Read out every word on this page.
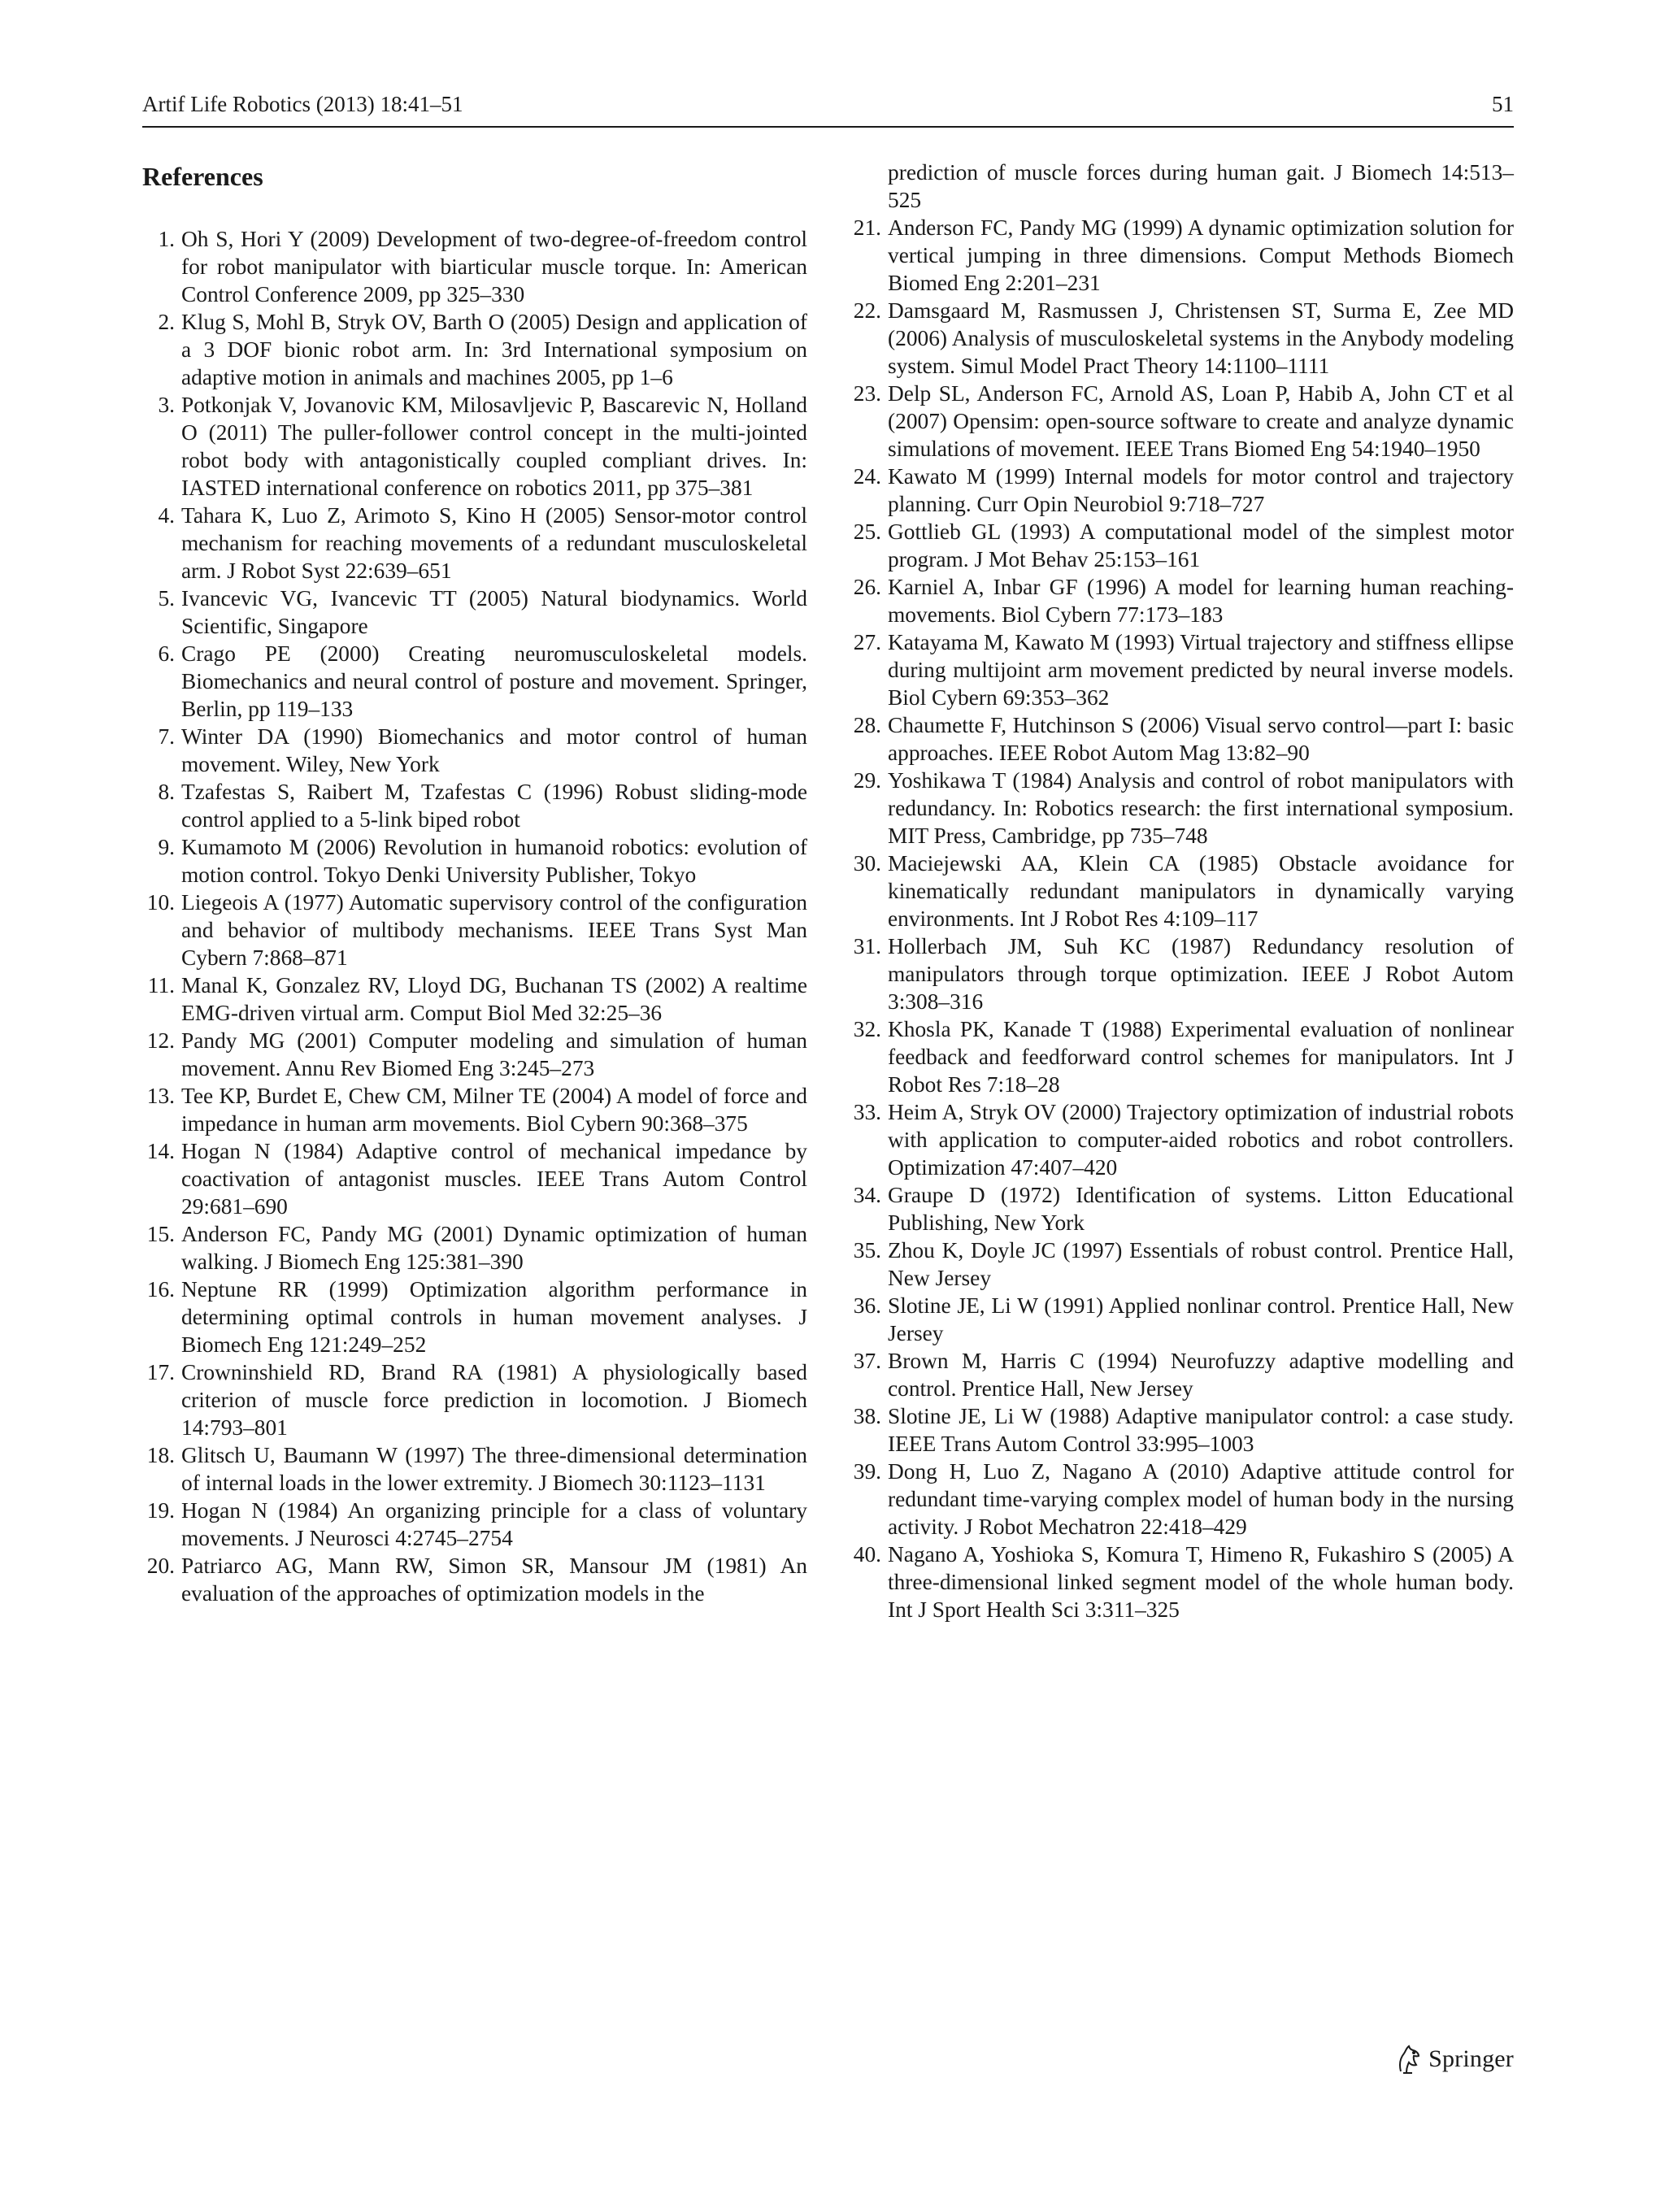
Artif Life Robotics (2013) 18:41–51	51
References
1. Oh S, Hori Y (2009) Development of two-degree-of-freedom control for robot manipulator with biarticular muscle torque. In: American Control Conference 2009, pp 325–330
2. Klug S, Mohl B, Stryk OV, Barth O (2005) Design and application of a 3 DOF bionic robot arm. In: 3rd International symposium on adaptive motion in animals and machines 2005, pp 1–6
3. Potkonjak V, Jovanovic KM, Milosavljevic P, Bascarevic N, Holland O (2011) The puller-follower control concept in the multi-jointed robot body with antagonistically coupled compliant drives. In: IASTED international conference on robotics 2011, pp 375–381
4. Tahara K, Luo Z, Arimoto S, Kino H (2005) Sensor-motor control mechanism for reaching movements of a redundant musculoskeletal arm. J Robot Syst 22:639–651
5. Ivancevic VG, Ivancevic TT (2005) Natural biodynamics. World Scientific, Singapore
6. Crago PE (2000) Creating neuromusculoskeletal models. Biomechanics and neural control of posture and movement. Springer, Berlin, pp 119–133
7. Winter DA (1990) Biomechanics and motor control of human movement. Wiley, New York
8. Tzafestas S, Raibert M, Tzafestas C (1996) Robust sliding-mode control applied to a 5-link biped robot
9. Kumamoto M (2006) Revolution in humanoid robotics: evolution of motion control. Tokyo Denki University Publisher, Tokyo
10. Liegeois A (1977) Automatic supervisory control of the configuration and behavior of multibody mechanisms. IEEE Trans Syst Man Cybern 7:868–871
11. Manal K, Gonzalez RV, Lloyd DG, Buchanan TS (2002) A realtime EMG-driven virtual arm. Comput Biol Med 32:25–36
12. Pandy MG (2001) Computer modeling and simulation of human movement. Annu Rev Biomed Eng 3:245–273
13. Tee KP, Burdet E, Chew CM, Milner TE (2004) A model of force and impedance in human arm movements. Biol Cybern 90:368–375
14. Hogan N (1984) Adaptive control of mechanical impedance by coactivation of antagonist muscles. IEEE Trans Autom Control 29:681–690
15. Anderson FC, Pandy MG (2001) Dynamic optimization of human walking. J Biomech Eng 125:381–390
16. Neptune RR (1999) Optimization algorithm performance in determining optimal controls in human movement analyses. J Biomech Eng 121:249–252
17. Crowninshield RD, Brand RA (1981) A physiologically based criterion of muscle force prediction in locomotion. J Biomech 14:793–801
18. Glitsch U, Baumann W (1997) The three-dimensional determination of internal loads in the lower extremity. J Biomech 30:1123–1131
19. Hogan N (1984) An organizing principle for a class of voluntary movements. J Neurosci 4:2745–2754
20. Patriarco AG, Mann RW, Simon SR, Mansour JM (1981) An evaluation of the approaches of optimization models in the
prediction of muscle forces during human gait. J Biomech 14:513–525
21. Anderson FC, Pandy MG (1999) A dynamic optimization solution for vertical jumping in three dimensions. Comput Methods Biomech Biomed Eng 2:201–231
22. Damsgaard M, Rasmussen J, Christensen ST, Surma E, Zee MD (2006) Analysis of musculoskeletal systems in the Anybody modeling system. Simul Model Pract Theory 14:1100–1111
23. Delp SL, Anderson FC, Arnold AS, Loan P, Habib A, John CT et al (2007) Opensim: open-source software to create and analyze dynamic simulations of movement. IEEE Trans Biomed Eng 54:1940–1950
24. Kawato M (1999) Internal models for motor control and trajectory planning. Curr Opin Neurobiol 9:718–727
25. Gottlieb GL (1993) A computational model of the simplest motor program. J Mot Behav 25:153–161
26. Karniel A, Inbar GF (1996) A model for learning human reaching-movements. Biol Cybern 77:173–183
27. Katayama M, Kawato M (1993) Virtual trajectory and stiffness ellipse during multijoint arm movement predicted by neural inverse models. Biol Cybern 69:353–362
28. Chaumette F, Hutchinson S (2006) Visual servo control—part I: basic approaches. IEEE Robot Autom Mag 13:82–90
29. Yoshikawa T (1984) Analysis and control of robot manipulators with redundancy. In: Robotics research: the first international symposium. MIT Press, Cambridge, pp 735–748
30. Maciejewski AA, Klein CA (1985) Obstacle avoidance for kinematically redundant manipulators in dynamically varying environments. Int J Robot Res 4:109–117
31. Hollerbach JM, Suh KC (1987) Redundancy resolution of manipulators through torque optimization. IEEE J Robot Autom 3:308–316
32. Khosla PK, Kanade T (1988) Experimental evaluation of nonlinear feedback and feedforward control schemes for manipulators. Int J Robot Res 7:18–28
33. Heim A, Stryk OV (2000) Trajectory optimization of industrial robots with application to computer-aided robotics and robot controllers. Optimization 47:407–420
34. Graupe D (1972) Identification of systems. Litton Educational Publishing, New York
35. Zhou K, Doyle JC (1997) Essentials of robust control. Prentice Hall, New Jersey
36. Slotine JE, Li W (1991) Applied nonlinar control. Prentice Hall, New Jersey
37. Brown M, Harris C (1994) Neurofuzzy adaptive modelling and control. Prentice Hall, New Jersey
38. Slotine JE, Li W (1988) Adaptive manipulator control: a case study. IEEE Trans Autom Control 33:995–1003
39. Dong H, Luo Z, Nagano A (2010) Adaptive attitude control for redundant time-varying complex model of human body in the nursing activity. J Robot Mechatron 22:418–429
40. Nagano A, Yoshioka S, Komura T, Himeno R, Fukashiro S (2005) A three-dimensional linked segment model of the whole human body. Int J Sport Health Sci 3:311–325
Springer
